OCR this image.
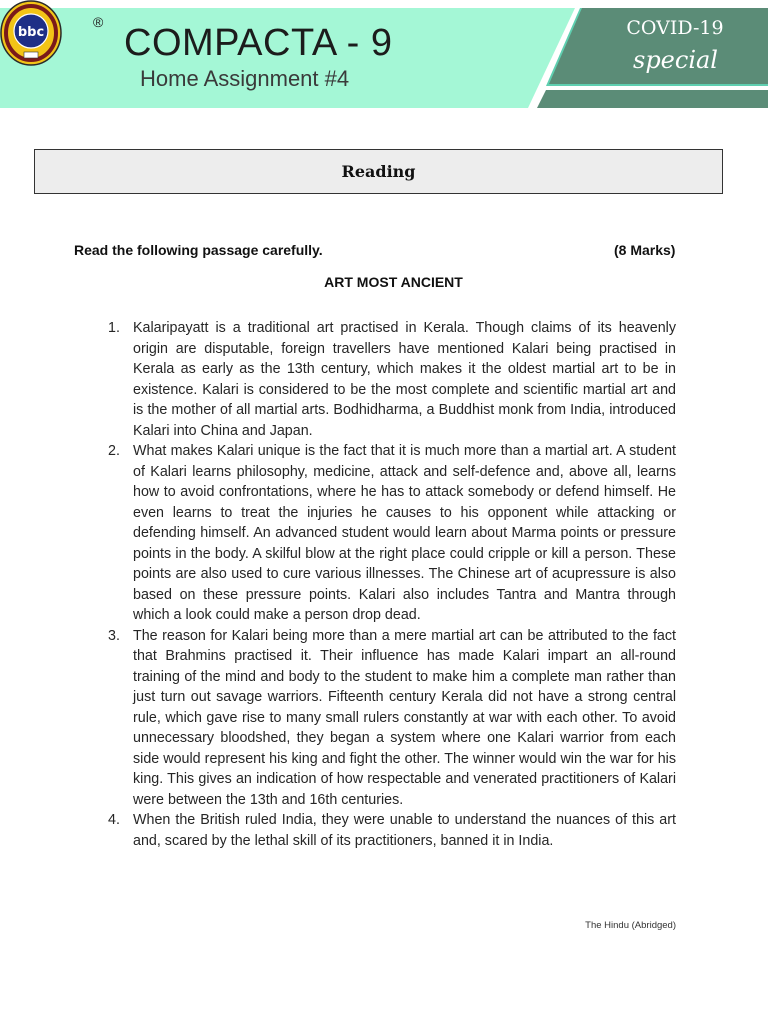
bbc
® COMPACTA - 9
Home Assignment #4
COVID-19
special
Reading
Read the following passage carefully.	(8 Marks)
ART MOST ANCIENT
1. Kalaripayatt is a traditional art practised in Kerala. Though claims of its heavenly origin are disputable, foreign travellers have mentioned Kalari being practised in Kerala as early as the 13th century, which makes it the oldest martial art to be in existence. Kalari is considered to be the most complete and scientific martial art and is the mother of all martial arts. Bodhidharma, a Buddhist monk from India, introduced Kalari into China and Japan.
2. What makes Kalari unique is the fact that it is much more than a martial art. A student of Kalari learns philosophy, medicine, attack and self-defence and, above all, learns how to avoid confrontations, where he has to attack somebody or defend himself. He even learns to treat the injuries he causes to his opponent while attacking or defending himself. An advanced student would learn about Marma points or pressure points in the body. A skilful blow at the right place could cripple or kill a person. These points are also used to cure various illnesses. The Chinese art of acupressure is also based on these pressure points. Kalari also includes Tantra and Mantra through which a look could make a person drop dead.
3. The reason for Kalari being more than a mere martial art can be attributed to the fact that Brahmins practised it. Their influence has made Kalari impart an all-round training of the mind and body to the student to make him a complete man rather than just turn out savage warriors. Fifteenth century Kerala did not have a strong central rule, which gave rise to many small rulers constantly at war with each other. To avoid unnecessary bloodshed, they began a system where one Kalari warrior from each side would represent his king and fight the other. The winner would win the war for his king. This gives an indication of how respectable and venerated practitioners of Kalari were between the 13th and 16th centuries.
4. When the British ruled India, they were unable to understand the nuances of this art and, scared by the lethal skill of its practitioners, banned it in India.
The Hindu (Abridged)
